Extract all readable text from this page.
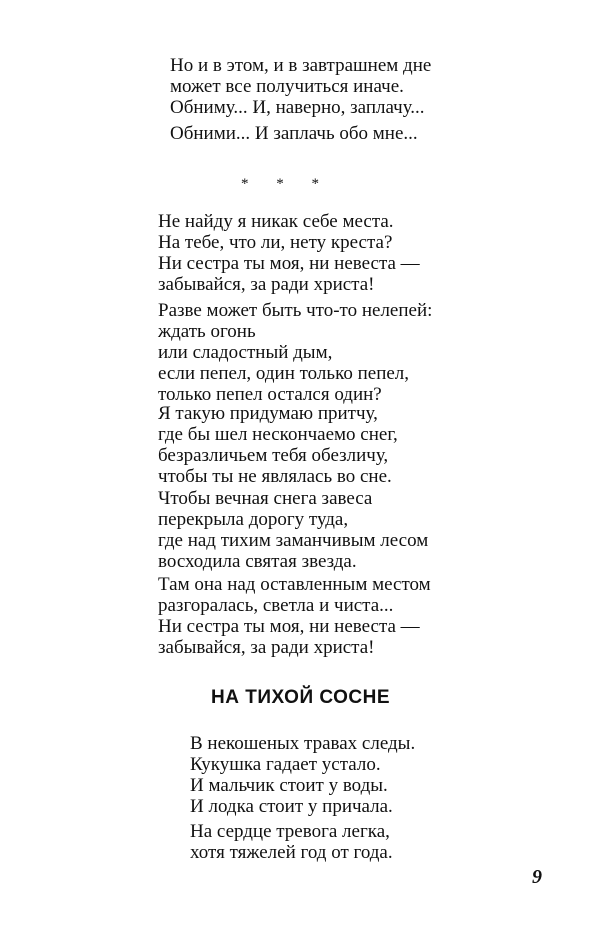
Но и в этом, и в завтрашнем дне
может все получиться иначе.
Обниму... И, наверно, заплачу...
Обними... И заплачь обо мне...
* * *
Не найду я никак себе места.
На тебе, что ли, нету креста?
Ни сестра ты моя, ни невеста —
забывайся, за ради христа!
Разве может быть что-то нелепей:
ждать огонь
или сладостный дым,
если пепел, один только пепел,
только пепел остался один?
Я такую придумаю притчу,
где бы шел нескончаемо снег,
безразличьем тебя обезличу,
чтобы ты не являлась во сне.
Чтобы вечная снега завеса
перекрыла дорогу туда,
где над тихим заманчивым лесом
восходила святая звезда.
Там она над оставленным местом
разгоралась, светла и чиста...
Ни сестра ты моя, ни невеста —
забывайся, за ради христа!
НА ТИХОЙ СОСНЕ
В некошеных травах следы.
Кукушка гадает устало.
И мальчик стоит у воды.
И лодка стоит у причала.
На сердце тревога легка,
хотя тяжелей год от года.
9
